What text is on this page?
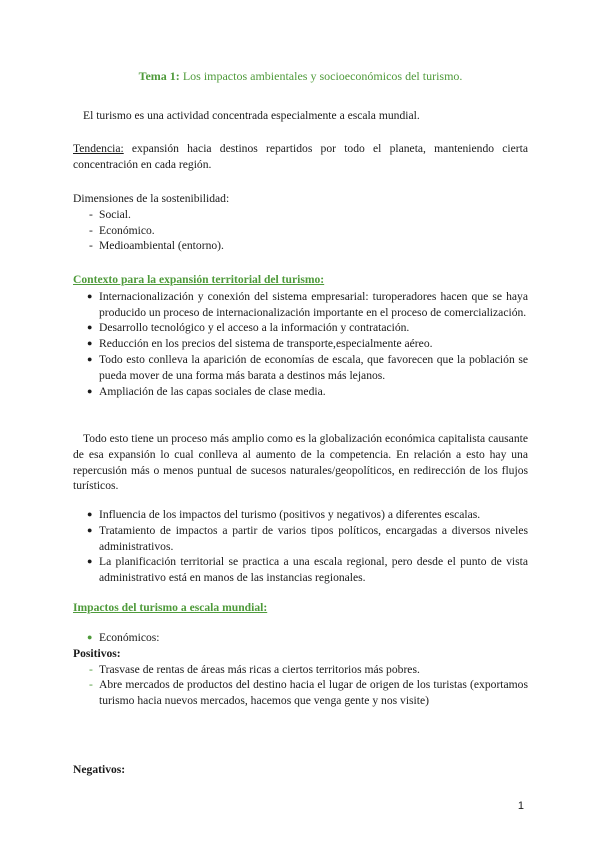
Tema 1: Los impactos ambientales y socioeconómicos del turismo.
El turismo es una actividad concentrada especialmente a escala mundial.
Tendencia: expansión hacia destinos repartidos por todo el planeta, manteniendo cierta concentración en cada región.
Dimensiones de la sostenibilidad:
- Social.
- Económico.
- Medioambiental (entorno).
Contexto para la expansión territorial del turismo:
● Internacionalización y conexión del sistema empresarial: turoperadores hacen que se haya producido un proceso de internacionalización importante en el proceso de comercialización.
● Desarrollo tecnológico y el acceso a la información y contratación.
● Reducción en los precios del sistema de transporte,especialmente aéreo.
● Todo esto conlleva la aparición de economías de escala, que favorecen que la población se pueda mover de una forma más barata a destinos más lejanos.
● Ampliación de las capas sociales de clase media.
Todo esto tiene un proceso más amplio como es la globalización económica capitalista causante de esa expansión lo cual conlleva al aumento de la competencia. En relación a esto hay una repercusión más o menos puntual de sucesos naturales/geopolíticos, en redirección de los flujos turísticos.
● Influencia de los impactos del turismo (positivos y negativos) a diferentes escalas.
● Tratamiento de impactos a partir de varios tipos políticos, encargadas a diversos niveles administrativos.
● La planificación territorial se practica a una escala regional, pero desde el punto de vista administrativo está en manos de las instancias regionales.
Impactos del turismo a escala mundial:
● Económicos:
Positivos:
- Trasvase de rentas de áreas más ricas a ciertos territorios más pobres.
- Abre mercados de productos del destino hacia el lugar de origen de los turistas (exportamos turismo hacia nuevos mercados, hacemos que venga gente y nos visite)
Negativos:
1
